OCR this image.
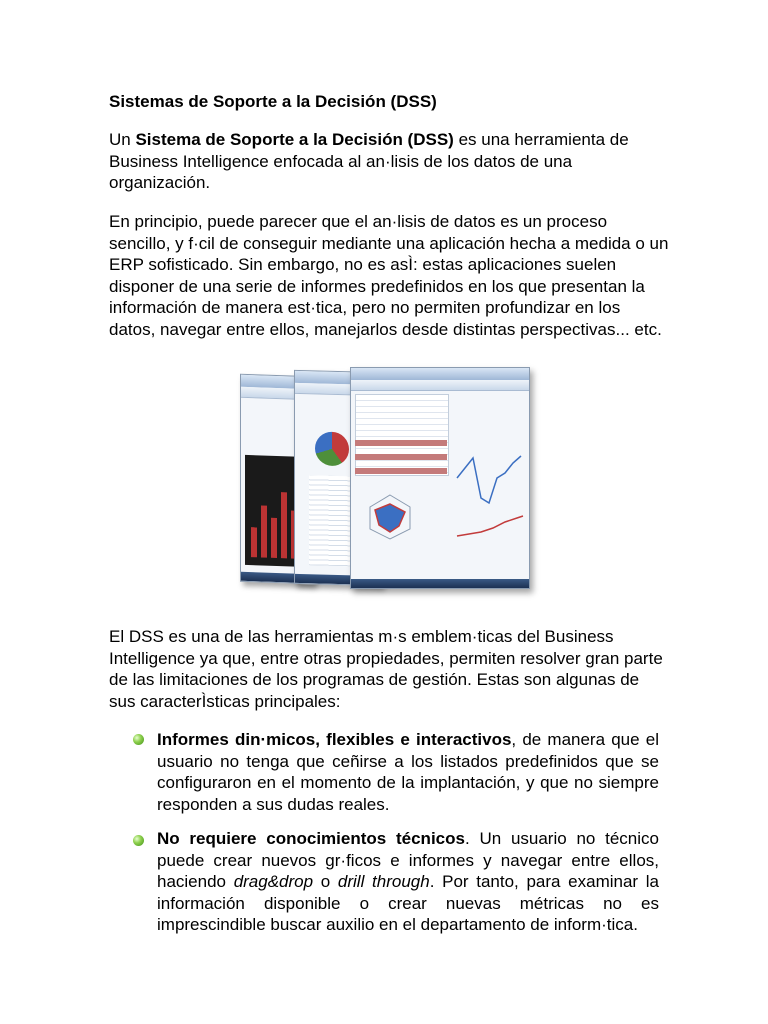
Sistemas de Soporte a la Decisión (DSS)

Un Sistema de Soporte a la Decisión (DSS) es una herramienta de Business Intelligence enfocada al an·lisis de los datos de una organización.

En principio, puede parecer que el an·lisis de datos es un proceso sencillo, y f·cil de conseguir mediante una aplicación hecha a medida o un ERP sofisticado. Sin embargo, no es asÌ: estas aplicaciones suelen disponer de una serie de informes predefinidos en los que presentan la información de manera est·tica, pero no permiten profundizar en los datos, navegar entre ellos, manejarlos desde distintas perspectivas... etc.

El DSS es una de las herramientas m·s emblem·ticas del Business Intelligence ya que, entre otras propiedades, permiten resolver gran parte de las limitaciones de los programas de gestión. Estas son algunas de sus caracterÌsticas principales:

Informes din·micos, flexibles e interactivos, de manera que el usuario no tenga que ceñirse a los listados predefinidos que se configuraron en el momento de la implantación, y que no siempre responden a sus dudas reales.

No requiere conocimientos técnicos. Un usuario no técnico puede crear nuevos gr·ficos e informes y navegar entre ellos, haciendo drag&drop o drill through. Por tanto, para examinar la información disponible o crear nuevas métricas no es imprescindible buscar auxilio en el departamento de inform·tica.
